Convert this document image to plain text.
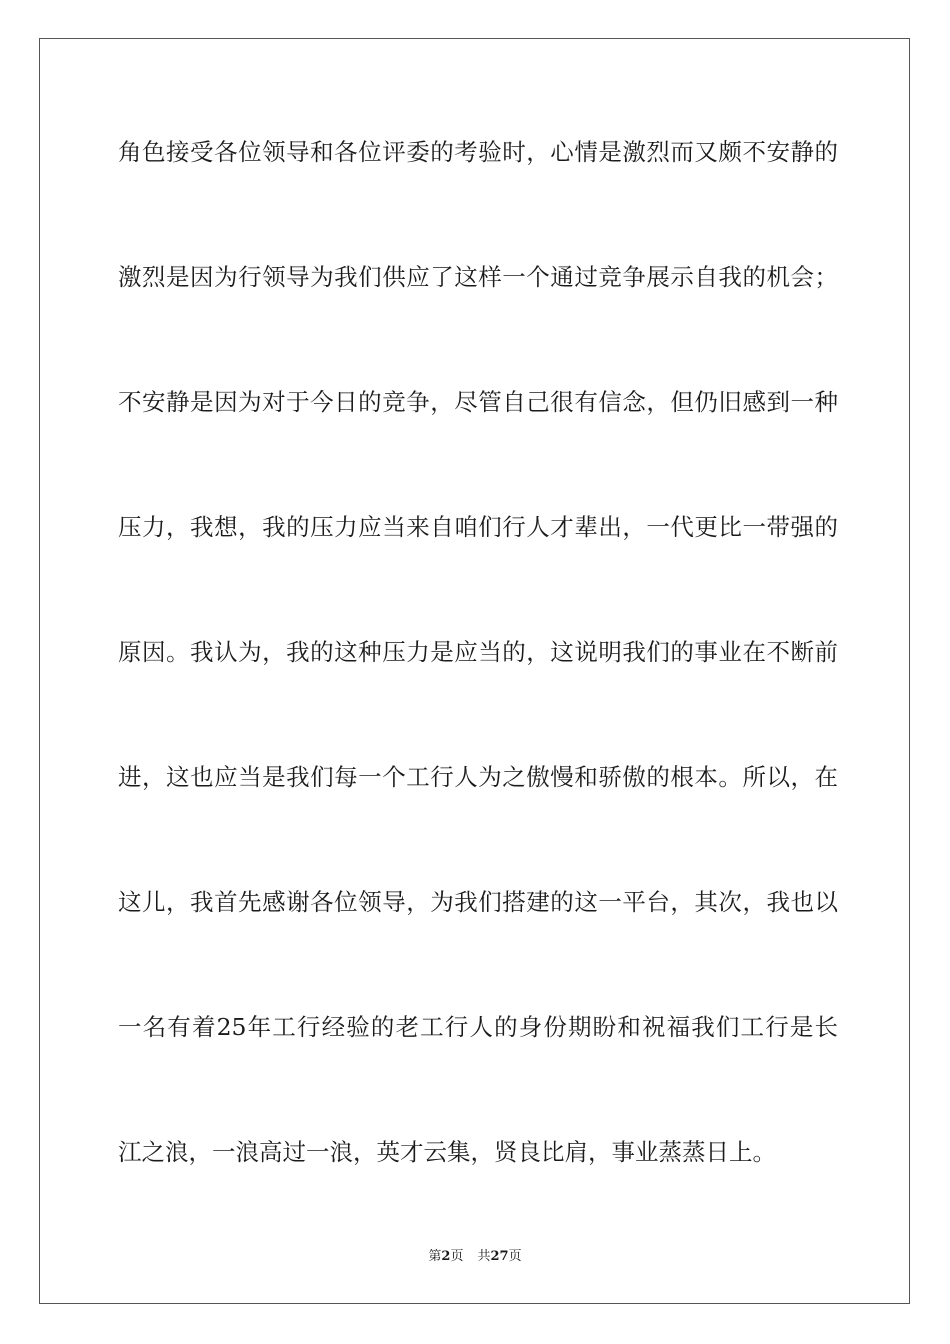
角色接受各位领导和各位评委的考验时，心情是激烈而又颇不安静的
激烈是因为行领导为我们供应了这样一个通过竞争展示自我的机会；
不安静是因为对于今日的竞争，尽管自己很有信念，但仍旧感到一种
压力，我想，我的压力应当来自咱们行人才辈出，一代更比一带强的
原因。我认为，我的这种压力是应当的，这说明我们的事业在不断前
进，这也应当是我们每一个工行人为之傲慢和骄傲的根本。所以，在
这儿，我首先感谢各位领导，为我们搭建的这一平台，其次，我也以
一名有着25年工行经验的老工行人的身份期盼和祝福我们工行是长
江之浪，一浪高过一浪，英才云集，贤良比肩，事业蒸蒸日上。
第2页 共27页
